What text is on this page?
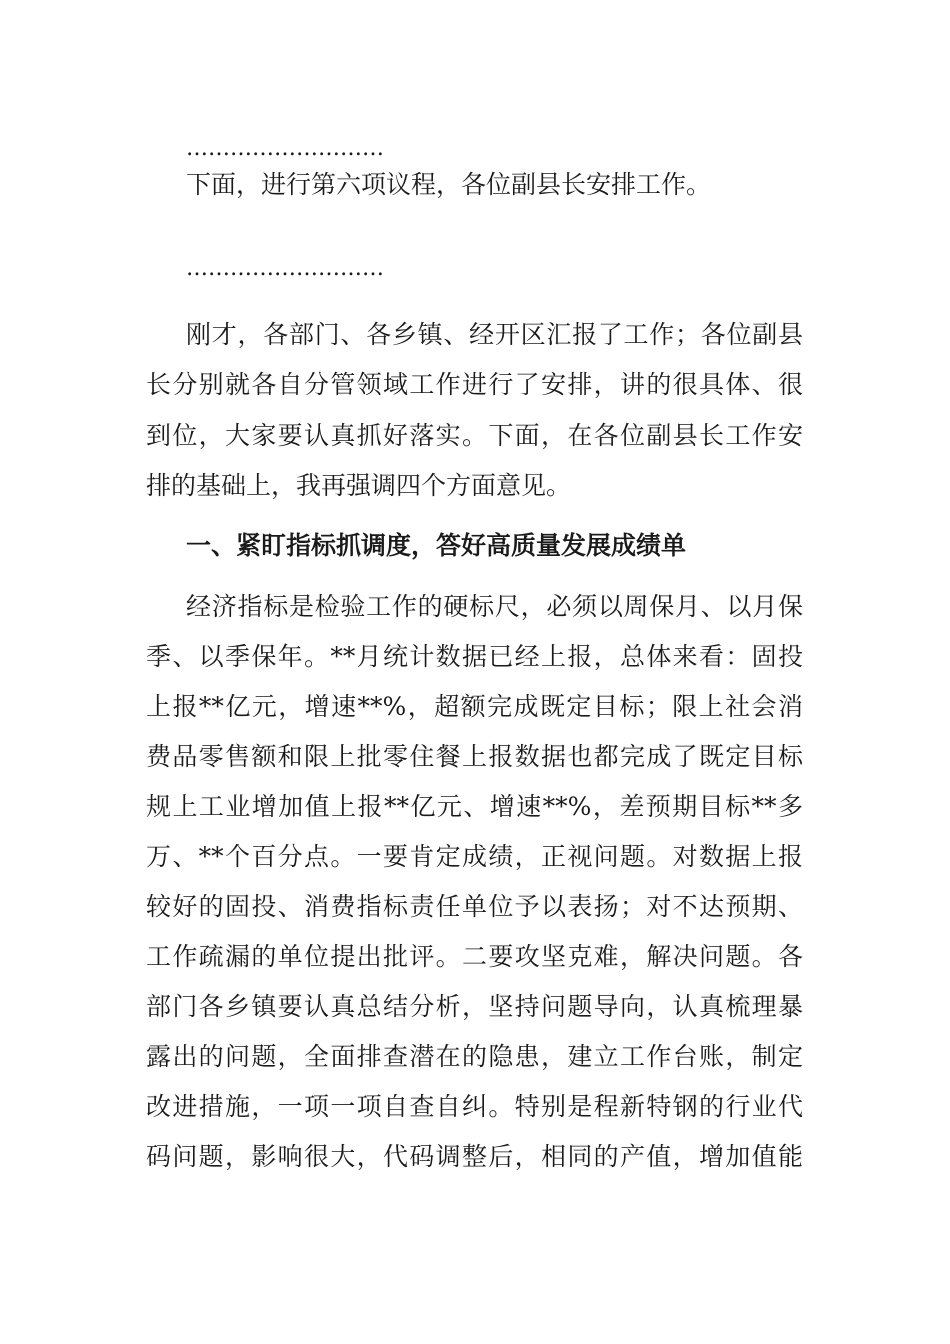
………………………
下面，进行第六项议程，各位副县长安排工作。
………………………
刚才，各部门、各乡镇、经开区汇报了工作；各位副县
长分别就各自分管领域工作进行了安排，讲的很具体、很
到位，大家要认真抓好落实。下面，在各位副县长工作安
排的基础上，我再强调四个方面意见。
一、紧盯指标抓调度，答好高质量发展成绩单
经济指标是检验工作的硬标尺，必须以周保月、以月保
季、以季保年。**月统计数据已经上报，总体来看：固投
上报**亿元，增速**%，超额完成既定目标；限上社会消
费品零售额和限上批零住餐上报数据也都完成了既定目标
规上工业增加值上报**亿元、增速**%，差预期目标**多
万、**个百分点。一要肯定成绩，正视问题。对数据上报
较好的固投、消费指标责任单位予以表扬；对不达预期、
工作疏漏的单位提出批评。二要攻坚克难，解决问题。各
部门各乡镇要认真总结分析，坚持问题导向，认真梳理暴
露出的问题，全面排查潜在的隐患，建立工作台账，制定
改进措施，一项一项自查自纠。特别是程新特钢的行业代
码问题，影响很大，代码调整后，相同的产值，增加值能
